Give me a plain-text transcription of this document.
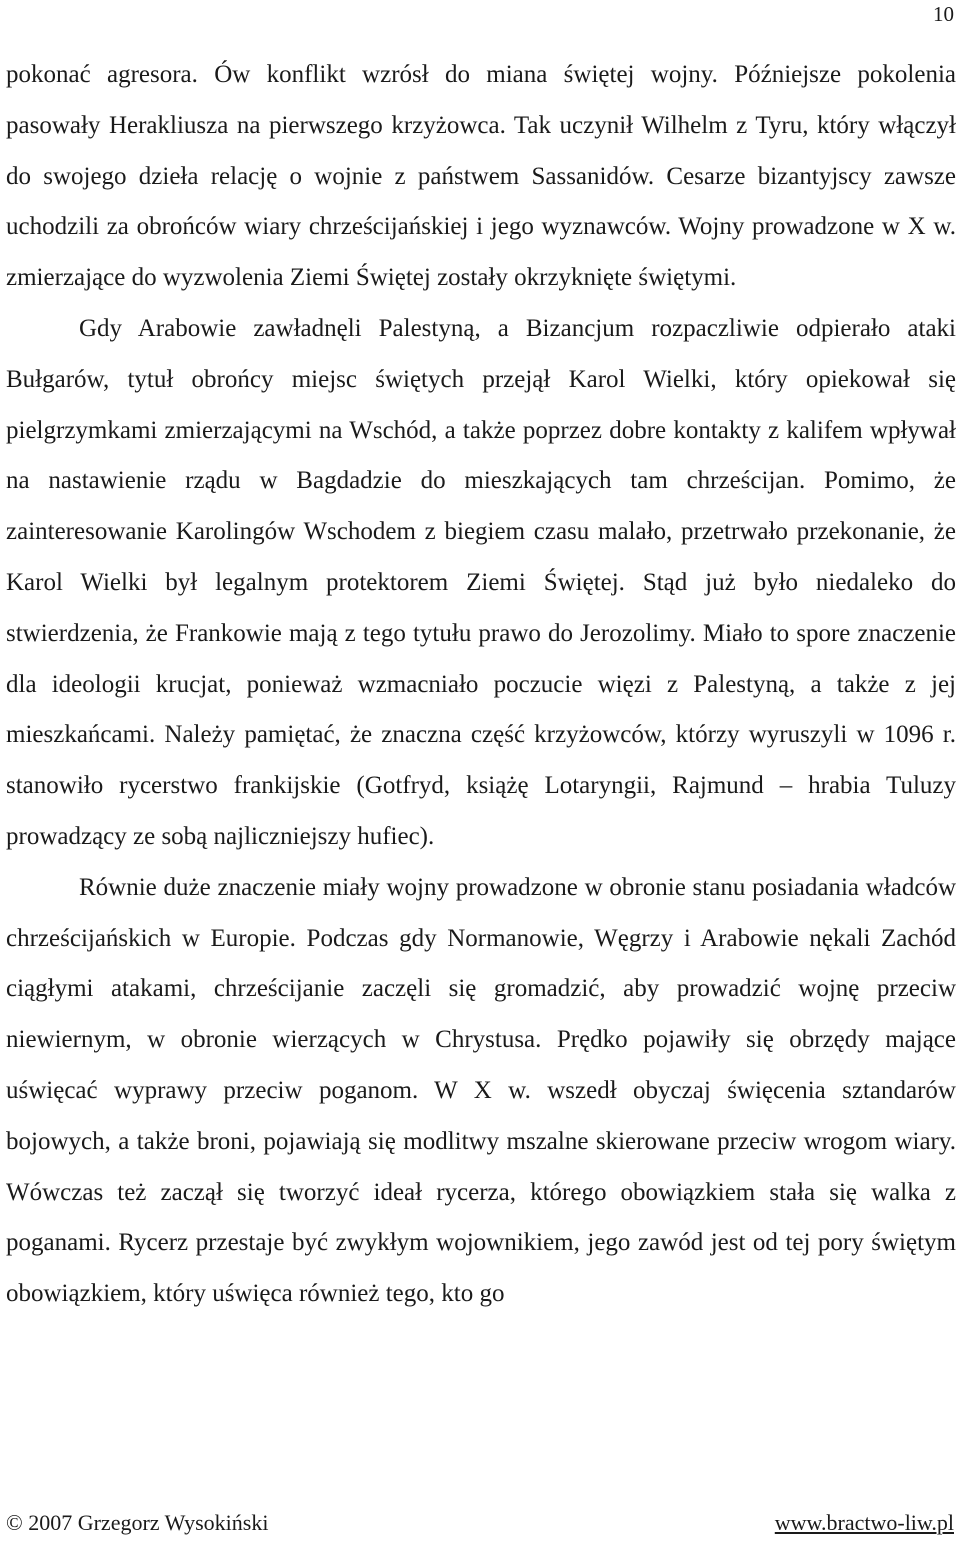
10

pokonać agresora. Ów konflikt wzrósł do miana świętej wojny. Późniejsze pokolenia pasowały Herakliusza na pierwszego krzyżowca. Tak uczynił Wilhelm z Tyru, który włączył do swojego dzieła relację o wojnie z państwem Sassanidów. Cesarze bizantyjscy zawsze uchodzili za obrońców wiary chrześcijańskiej i jego wyznawców. Wojny prowadzone w X w. zmierzające do wyzwolenia Ziemi Świętej zostały okrzyknięte świętymi.

Gdy Arabowie zawładnęli Palestyną, a Bizancjum rozpaczliwie odpierało ataki Bułgarów, tytuł obrońcy miejsc świętych przejął Karol Wielki, który opiekował się pielgrzymkami zmierzającymi na Wschód, a także poprzez dobre kontakty z kalifem wpływał na nastawienie rządu w Bagdadzie do mieszkających tam chrześcijan. Pomimo, że zainteresowanie Karolingów Wschodem z biegiem czasu malało, przetrwało przekonanie, że Karol Wielki był legalnym protektorem Ziemi Świętej. Stąd już było niedaleko do stwierdzenia, że Frankowie mają z tego tytułu prawo do Jerozolimy. Miało to spore znaczenie dla ideologii krucjat, ponieważ wzmacniało poczucie więzi z Palestyną, a także z jej mieszkańcami. Należy pamiętać, że znaczna część krzyżowców, którzy wyruszyli w 1096 r. stanowiło rycerstwo frankijskie (Gotfryd, książę Lotaryngii, Rajmund – hrabia Tuluzy prowadzący ze sobą najliczniejszy hufiec).

Równie duże znaczenie miały wojny prowadzone w obronie stanu posiadania władców chrześcijańskich w Europie. Podczas gdy Normanowie, Węgrzy i Arabowie nękali Zachód ciągłymi atakami, chrześcijanie zaczęli się gromadzić, aby prowadzić wojnę przeciw niewiernym, w obronie wierzących w Chrystusa. Prędko pojawiły się obrzędy mające uświęcać wyprawy przeciw poganom. W X w. wszedł obyczaj święcenia sztandarów bojowych, a także broni, pojawiają się modlitwy mszalne skierowane przeciw wrogom wiary. Wówczas też zaczął się tworzyć ideał rycerza, którego obowiązkiem stała się walka z poganami. Rycerz przestaje być zwykłym wojownikiem, jego zawód jest od tej pory świętym obowiązkiem, który uświęca również tego, kto go

© 2007 Grzegorz Wysokiński	www.bractwo-liw.pl
